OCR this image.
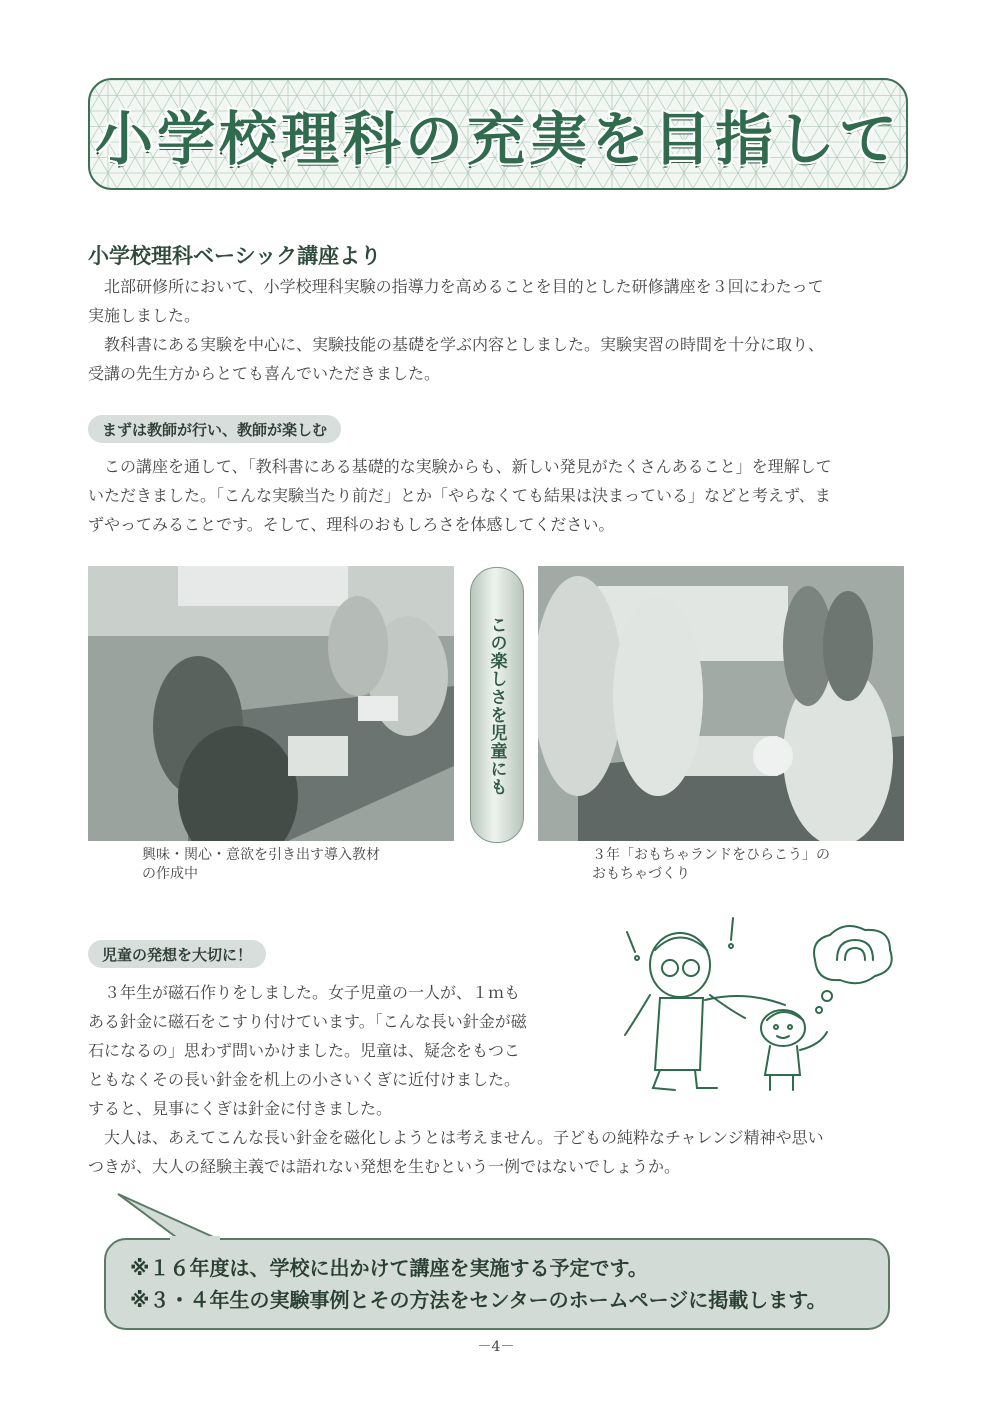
小学校理科の充実を目指して
小学校理科ベーシック講座より
　北部研修所において、小学校理科実験の指導力を高めることを目的とした研修講座を３回にわたって
実施しました。
　教科書にある実験を中心に、実験技能の基礎を学ぶ内容としました。実験実習の時間を十分に取り、
受講の先生方からとても喜んでいただきました。
まずは教師が行い、教師が楽しむ
　この講座を通して、「教科書にある基礎的な実験からも、新しい発見がたくさんあること」を理解して
いただきました。「こんな実験当たり前だ」とか「やらなくても結果は決まっている」などと考えず、ま
ずやってみることです。そして、理科のおもしろさを体感してください。
この楽しさを児童にも
興味・関心・意欲を引き出す導入教材
の作成中
３年「おもちゃランドをひらこう」の
おもちゃづくり
児童の発想を大切に！
　３年生が磁石作りをしました。女子児童の一人が、１ｍも
ある針金に磁石をこすり付けています。｢こんな長い針金が磁
石になるの」思わず問いかけました。児童は、疑念をもつこ
ともなくその長い針金を机上の小さいくぎに近付けました。
すると、見事にくぎは針金に付きました。
　大人は、あえてこんな長い針金を磁化しようとは考えません。子どもの純粋なチャレンジ精神や思い
つきが、大人の経験主義では語れない発想を生むという一例ではないでしょうか。
※１６年度は、学校に出かけて講座を実施する予定です。
※３・４年生の実験事例とその方法をセンターのホームページに掲載します。
－4－
